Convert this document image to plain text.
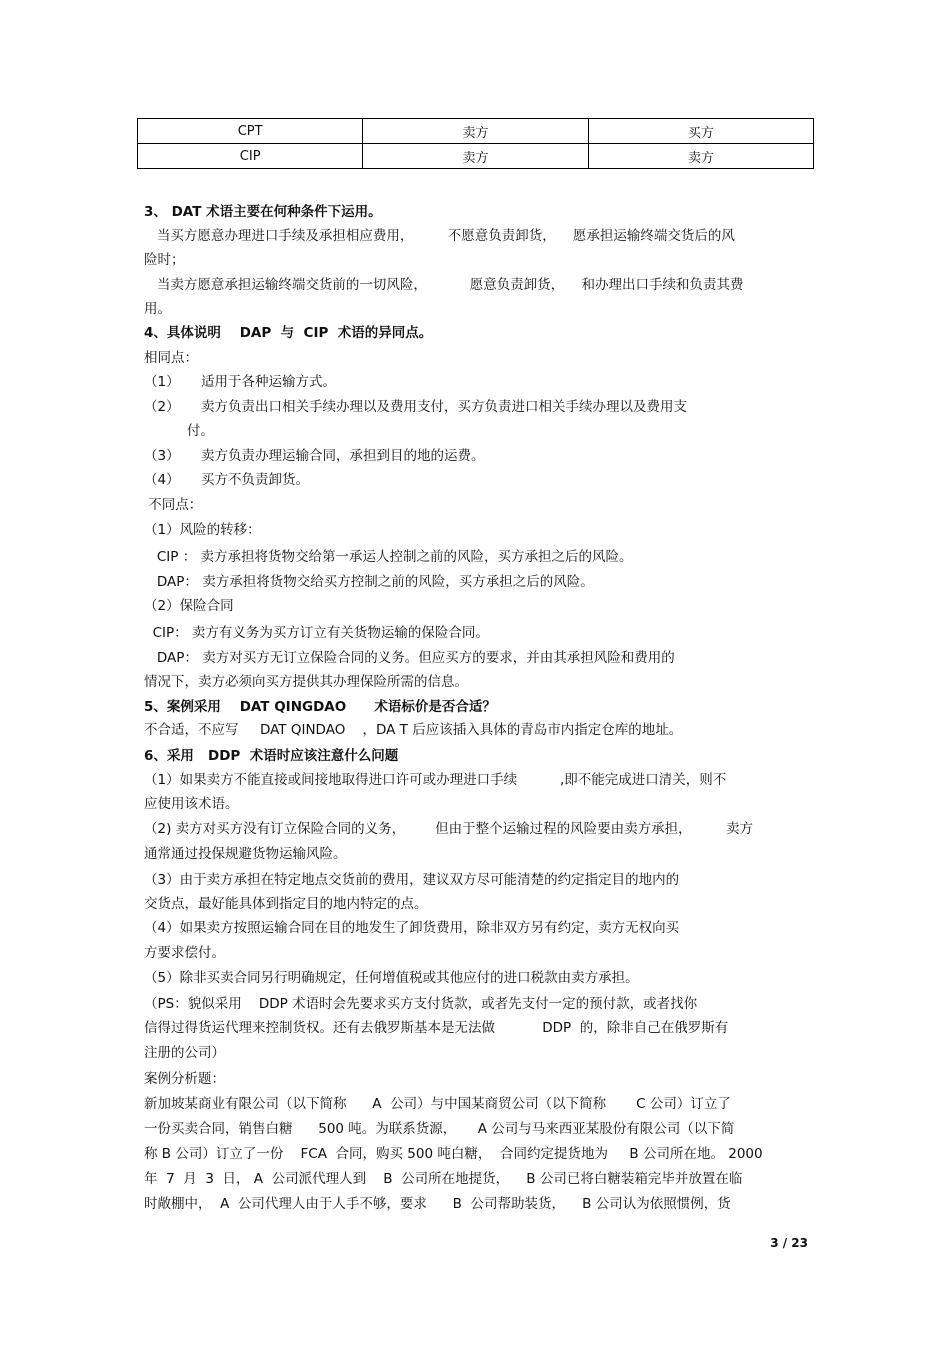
CPT	卖方	买方
CIP	卖方	卖方
3、 DAT 术语主要在何种条件下运用。
当买方愿意办理进口手续及承担相应费用，        不愿意负责卸货，    愿承担运输终端交货后的风
险时；
当卖方愿意承担运输终端交货前的一切风险，          愿意负责卸货，    和办理出口手续和负责其费
用。
4、具体说明    DAP  与  CIP  术语的异同点。
相同点：
（1）     适用于各种运输方式。
（2）     卖方负责出口相关手续办理以及费用支付，买方负责进口相关手续办理以及费用支
付。
（3）     卖方负责办理运输合同，承担到目的地的运费。
（4）     买方不负责卸货。
不同点：
（1）风险的转移：
CIP ： 卖方承担将货物交给第一承运人控制之前的风险，买方承担之后的风险。
DAP： 卖方承担将货物交给买方控制之前的风险，买方承担之后的风险。
（2）保险合同
CIP： 卖方有义务为买方订立有关货物运输的保险合同。
DAP： 卖方对买方无订立保险合同的义务。但应买方的要求，并由其承担风险和费用的
情况下，卖方必须向买方提供其办理保险所需的信息。
5、案例采用    DAT QINGDAO      术语标价是否合适？
不合适，不应写     DAT QINDAO    ，DA T 后应该插入具体的青岛市内指定仓库的地址。
6、采用   DDP  术语时应该注意什么问题
（1）如果卖方不能直接或间接地取得进口许可或办理进口手续          ,即不能完成进口清关，则不
应使用该术语。
（2) 卖方对买方没有订立保险合同的义务，       但由于整个运输过程的风险要由卖方承担，        卖方
通常通过投保规避货物运输风险。
（3）由于卖方承担在特定地点交货前的费用，建议双方尽可能清楚的约定指定目的地内的
交货点，最好能具体到指定目的地内特定的点。
（4）如果卖方按照运输合同在目的地发生了卸货费用，除非双方另有约定，卖方无权向买
方要求偿付。
（5）除非买卖合同另行明确规定，任何增值税或其他应付的进口税款由卖方承担。
（PS：貌似采用    DDP 术语时会先要求买方支付货款，或者先支付一定的预付款，或者找你
信得过得货运代理来控制货权。还有去俄罗斯基本是无法做           DDP  的，除非自己在俄罗斯有
注册的公司）
案例分析题：
新加坡某商业有限公司（以下简称      A  公司）与中国某商贸公司（以下简称       C 公司）订立了
一份买卖合同，销售白糖      500 吨。为联系货源，     A 公司与马来西亚某股份有限公司（以下简
称 B 公司）订立了一份    FCA  合同，购买 500 吨白糖，  合同约定提货地为     B 公司所在地。 2000
年  7  月  3  日， A  公司派代理人到    B  公司所在地提货，    B 公司已将白糖装箱完毕并放置在临
时敞棚中，  A  公司代理人由于人手不够，要求      B  公司帮助装货，    B 公司认为依照惯例，货
3 / 23
